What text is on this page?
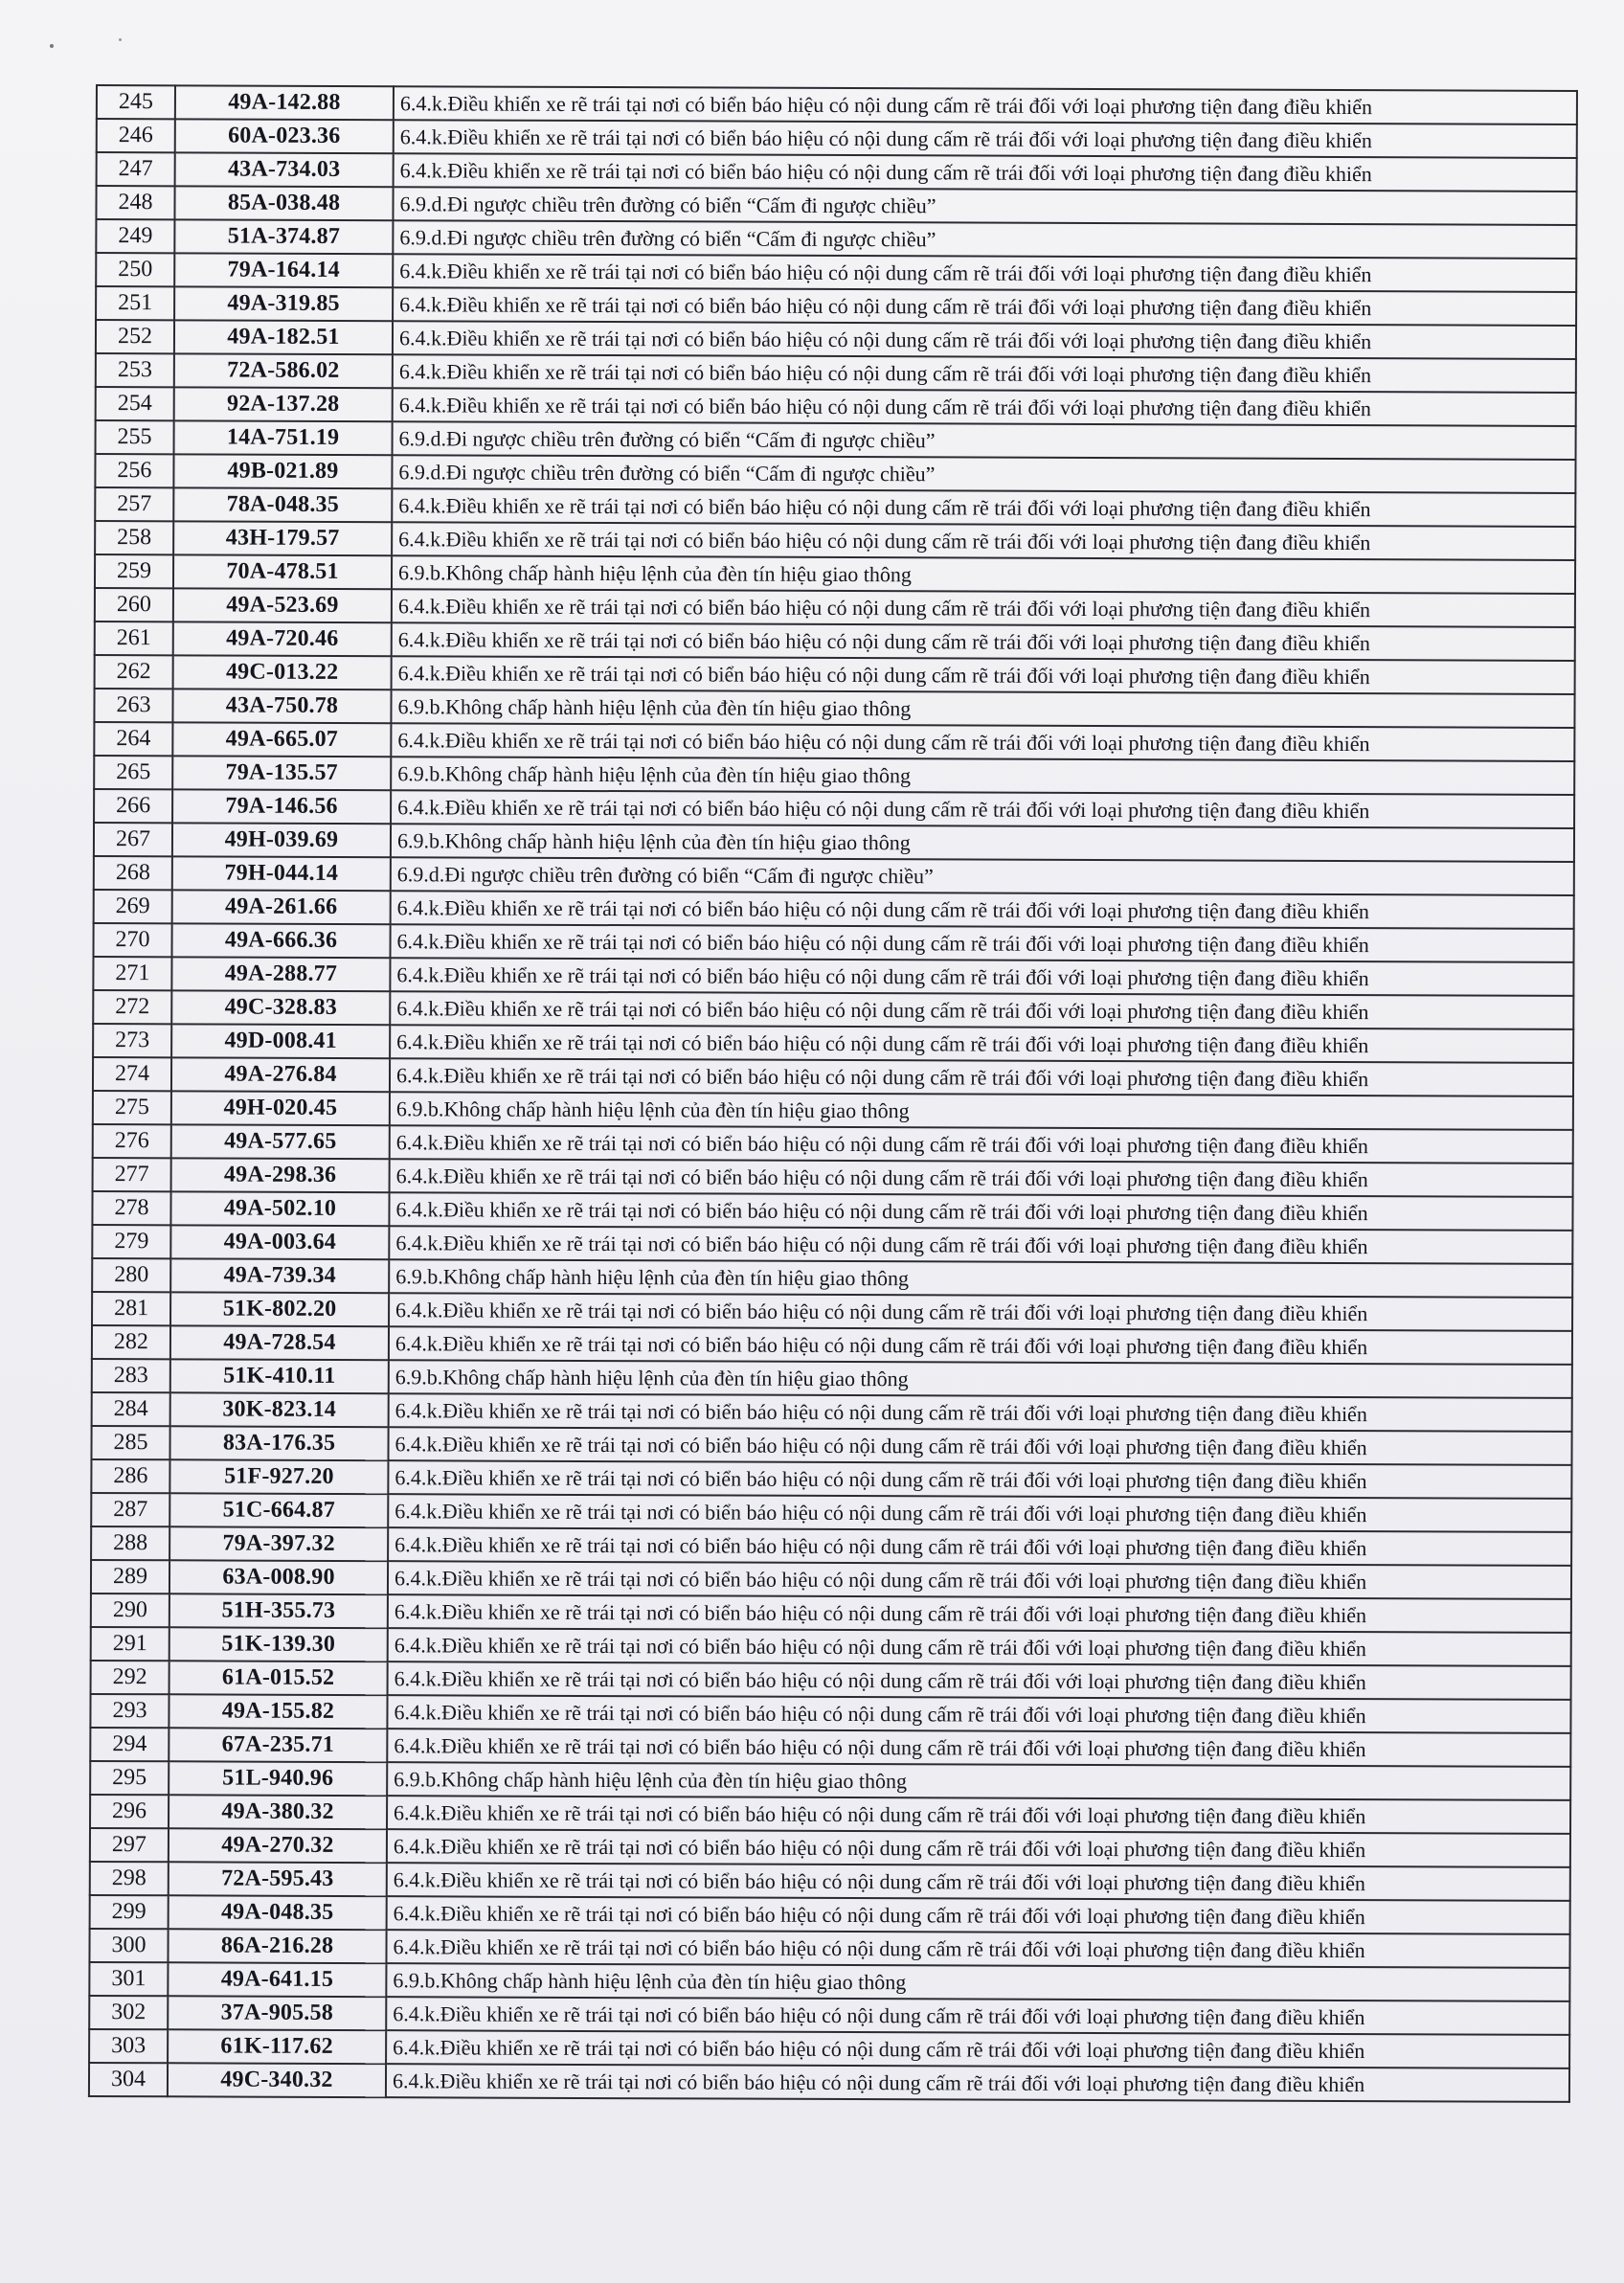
245	49A-142.88	6.4.k.Điều khiển xe rẽ trái tại nơi có biển báo hiệu có nội dung cấm rẽ trái đối với loại phương tiện đang điều khiển
246	60A-023.36	6.4.k.Điều khiển xe rẽ trái tại nơi có biển báo hiệu có nội dung cấm rẽ trái đối với loại phương tiện đang điều khiển
247	43A-734.03	6.4.k.Điều khiển xe rẽ trái tại nơi có biển báo hiệu có nội dung cấm rẽ trái đối với loại phương tiện đang điều khiển
248	85A-038.48	6.9.d.Đi ngược chiều trên đường có biển “Cấm đi ngược chiều”
249	51A-374.87	6.9.d.Đi ngược chiều trên đường có biển “Cấm đi ngược chiều”
250	79A-164.14	6.4.k.Điều khiển xe rẽ trái tại nơi có biển báo hiệu có nội dung cấm rẽ trái đối với loại phương tiện đang điều khiển
251	49A-319.85	6.4.k.Điều khiển xe rẽ trái tại nơi có biển báo hiệu có nội dung cấm rẽ trái đối với loại phương tiện đang điều khiển
252	49A-182.51	6.4.k.Điều khiển xe rẽ trái tại nơi có biển báo hiệu có nội dung cấm rẽ trái đối với loại phương tiện đang điều khiển
253	72A-586.02	6.4.k.Điều khiển xe rẽ trái tại nơi có biển báo hiệu có nội dung cấm rẽ trái đối với loại phương tiện đang điều khiển
254	92A-137.28	6.4.k.Điều khiển xe rẽ trái tại nơi có biển báo hiệu có nội dung cấm rẽ trái đối với loại phương tiện đang điều khiển
255	14A-751.19	6.9.d.Đi ngược chiều trên đường có biển “Cấm đi ngược chiều”
256	49B-021.89	6.9.d.Đi ngược chiều trên đường có biển “Cấm đi ngược chiều”
257	78A-048.35	6.4.k.Điều khiển xe rẽ trái tại nơi có biển báo hiệu có nội dung cấm rẽ trái đối với loại phương tiện đang điều khiển
258	43H-179.57	6.4.k.Điều khiển xe rẽ trái tại nơi có biển báo hiệu có nội dung cấm rẽ trái đối với loại phương tiện đang điều khiển
259	70A-478.51	6.9.b.Không chấp hành hiệu lệnh của đèn tín hiệu giao thông
260	49A-523.69	6.4.k.Điều khiển xe rẽ trái tại nơi có biển báo hiệu có nội dung cấm rẽ trái đối với loại phương tiện đang điều khiển
261	49A-720.46	6.4.k.Điều khiển xe rẽ trái tại nơi có biển báo hiệu có nội dung cấm rẽ trái đối với loại phương tiện đang điều khiển
262	49C-013.22	6.4.k.Điều khiển xe rẽ trái tại nơi có biển báo hiệu có nội dung cấm rẽ trái đối với loại phương tiện đang điều khiển
263	43A-750.78	6.9.b.Không chấp hành hiệu lệnh của đèn tín hiệu giao thông
264	49A-665.07	6.4.k.Điều khiển xe rẽ trái tại nơi có biển báo hiệu có nội dung cấm rẽ trái đối với loại phương tiện đang điều khiển
265	79A-135.57	6.9.b.Không chấp hành hiệu lệnh của đèn tín hiệu giao thông
266	79A-146.56	6.4.k.Điều khiển xe rẽ trái tại nơi có biển báo hiệu có nội dung cấm rẽ trái đối với loại phương tiện đang điều khiển
267	49H-039.69	6.9.b.Không chấp hành hiệu lệnh của đèn tín hiệu giao thông
268	79H-044.14	6.9.d.Đi ngược chiều trên đường có biển “Cấm đi ngược chiều”
269	49A-261.66	6.4.k.Điều khiển xe rẽ trái tại nơi có biển báo hiệu có nội dung cấm rẽ trái đối với loại phương tiện đang điều khiển
270	49A-666.36	6.4.k.Điều khiển xe rẽ trái tại nơi có biển báo hiệu có nội dung cấm rẽ trái đối với loại phương tiện đang điều khiển
271	49A-288.77	6.4.k.Điều khiển xe rẽ trái tại nơi có biển báo hiệu có nội dung cấm rẽ trái đối với loại phương tiện đang điều khiển
272	49C-328.83	6.4.k.Điều khiển xe rẽ trái tại nơi có biển báo hiệu có nội dung cấm rẽ trái đối với loại phương tiện đang điều khiển
273	49D-008.41	6.4.k.Điều khiển xe rẽ trái tại nơi có biển báo hiệu có nội dung cấm rẽ trái đối với loại phương tiện đang điều khiển
274	49A-276.84	6.4.k.Điều khiển xe rẽ trái tại nơi có biển báo hiệu có nội dung cấm rẽ trái đối với loại phương tiện đang điều khiển
275	49H-020.45	6.9.b.Không chấp hành hiệu lệnh của đèn tín hiệu giao thông
276	49A-577.65	6.4.k.Điều khiển xe rẽ trái tại nơi có biển báo hiệu có nội dung cấm rẽ trái đối với loại phương tiện đang điều khiển
277	49A-298.36	6.4.k.Điều khiển xe rẽ trái tại nơi có biển báo hiệu có nội dung cấm rẽ trái đối với loại phương tiện đang điều khiển
278	49A-502.10	6.4.k.Điều khiển xe rẽ trái tại nơi có biển báo hiệu có nội dung cấm rẽ trái đối với loại phương tiện đang điều khiển
279	49A-003.64	6.4.k.Điều khiển xe rẽ trái tại nơi có biển báo hiệu có nội dung cấm rẽ trái đối với loại phương tiện đang điều khiển
280	49A-739.34	6.9.b.Không chấp hành hiệu lệnh của đèn tín hiệu giao thông
281	51K-802.20	6.4.k.Điều khiển xe rẽ trái tại nơi có biển báo hiệu có nội dung cấm rẽ trái đối với loại phương tiện đang điều khiển
282	49A-728.54	6.4.k.Điều khiển xe rẽ trái tại nơi có biển báo hiệu có nội dung cấm rẽ trái đối với loại phương tiện đang điều khiển
283	51K-410.11	6.9.b.Không chấp hành hiệu lệnh của đèn tín hiệu giao thông
284	30K-823.14	6.4.k.Điều khiển xe rẽ trái tại nơi có biển báo hiệu có nội dung cấm rẽ trái đối với loại phương tiện đang điều khiển
285	83A-176.35	6.4.k.Điều khiển xe rẽ trái tại nơi có biển báo hiệu có nội dung cấm rẽ trái đối với loại phương tiện đang điều khiển
286	51F-927.20	6.4.k.Điều khiển xe rẽ trái tại nơi có biển báo hiệu có nội dung cấm rẽ trái đối với loại phương tiện đang điều khiển
287	51C-664.87	6.4.k.Điều khiển xe rẽ trái tại nơi có biển báo hiệu có nội dung cấm rẽ trái đối với loại phương tiện đang điều khiển
288	79A-397.32	6.4.k.Điều khiển xe rẽ trái tại nơi có biển báo hiệu có nội dung cấm rẽ trái đối với loại phương tiện đang điều khiển
289	63A-008.90	6.4.k.Điều khiển xe rẽ trái tại nơi có biển báo hiệu có nội dung cấm rẽ trái đối với loại phương tiện đang điều khiển
290	51H-355.73	6.4.k.Điều khiển xe rẽ trái tại nơi có biển báo hiệu có nội dung cấm rẽ trái đối với loại phương tiện đang điều khiển
291	51K-139.30	6.4.k.Điều khiển xe rẽ trái tại nơi có biển báo hiệu có nội dung cấm rẽ trái đối với loại phương tiện đang điều khiển
292	61A-015.52	6.4.k.Điều khiển xe rẽ trái tại nơi có biển báo hiệu có nội dung cấm rẽ trái đối với loại phương tiện đang điều khiển
293	49A-155.82	6.4.k.Điều khiển xe rẽ trái tại nơi có biển báo hiệu có nội dung cấm rẽ trái đối với loại phương tiện đang điều khiển
294	67A-235.71	6.4.k.Điều khiển xe rẽ trái tại nơi có biển báo hiệu có nội dung cấm rẽ trái đối với loại phương tiện đang điều khiển
295	51L-940.96	6.9.b.Không chấp hành hiệu lệnh của đèn tín hiệu giao thông
296	49A-380.32	6.4.k.Điều khiển xe rẽ trái tại nơi có biển báo hiệu có nội dung cấm rẽ trái đối với loại phương tiện đang điều khiển
297	49A-270.32	6.4.k.Điều khiển xe rẽ trái tại nơi có biển báo hiệu có nội dung cấm rẽ trái đối với loại phương tiện đang điều khiển
298	72A-595.43	6.4.k.Điều khiển xe rẽ trái tại nơi có biển báo hiệu có nội dung cấm rẽ trái đối với loại phương tiện đang điều khiển
299	49A-048.35	6.4.k.Điều khiển xe rẽ trái tại nơi có biển báo hiệu có nội dung cấm rẽ trái đối với loại phương tiện đang điều khiển
300	86A-216.28	6.4.k.Điều khiển xe rẽ trái tại nơi có biển báo hiệu có nội dung cấm rẽ trái đối với loại phương tiện đang điều khiển
301	49A-641.15	6.9.b.Không chấp hành hiệu lệnh của đèn tín hiệu giao thông
302	37A-905.58	6.4.k.Điều khiển xe rẽ trái tại nơi có biển báo hiệu có nội dung cấm rẽ trái đối với loại phương tiện đang điều khiển
303	61K-117.62	6.4.k.Điều khiển xe rẽ trái tại nơi có biển báo hiệu có nội dung cấm rẽ trái đối với loại phương tiện đang điều khiển
304	49C-340.32	6.4.k.Điều khiển xe rẽ trái tại nơi có biển báo hiệu có nội dung cấm rẽ trái đối với loại phương tiện đang điều khiển
